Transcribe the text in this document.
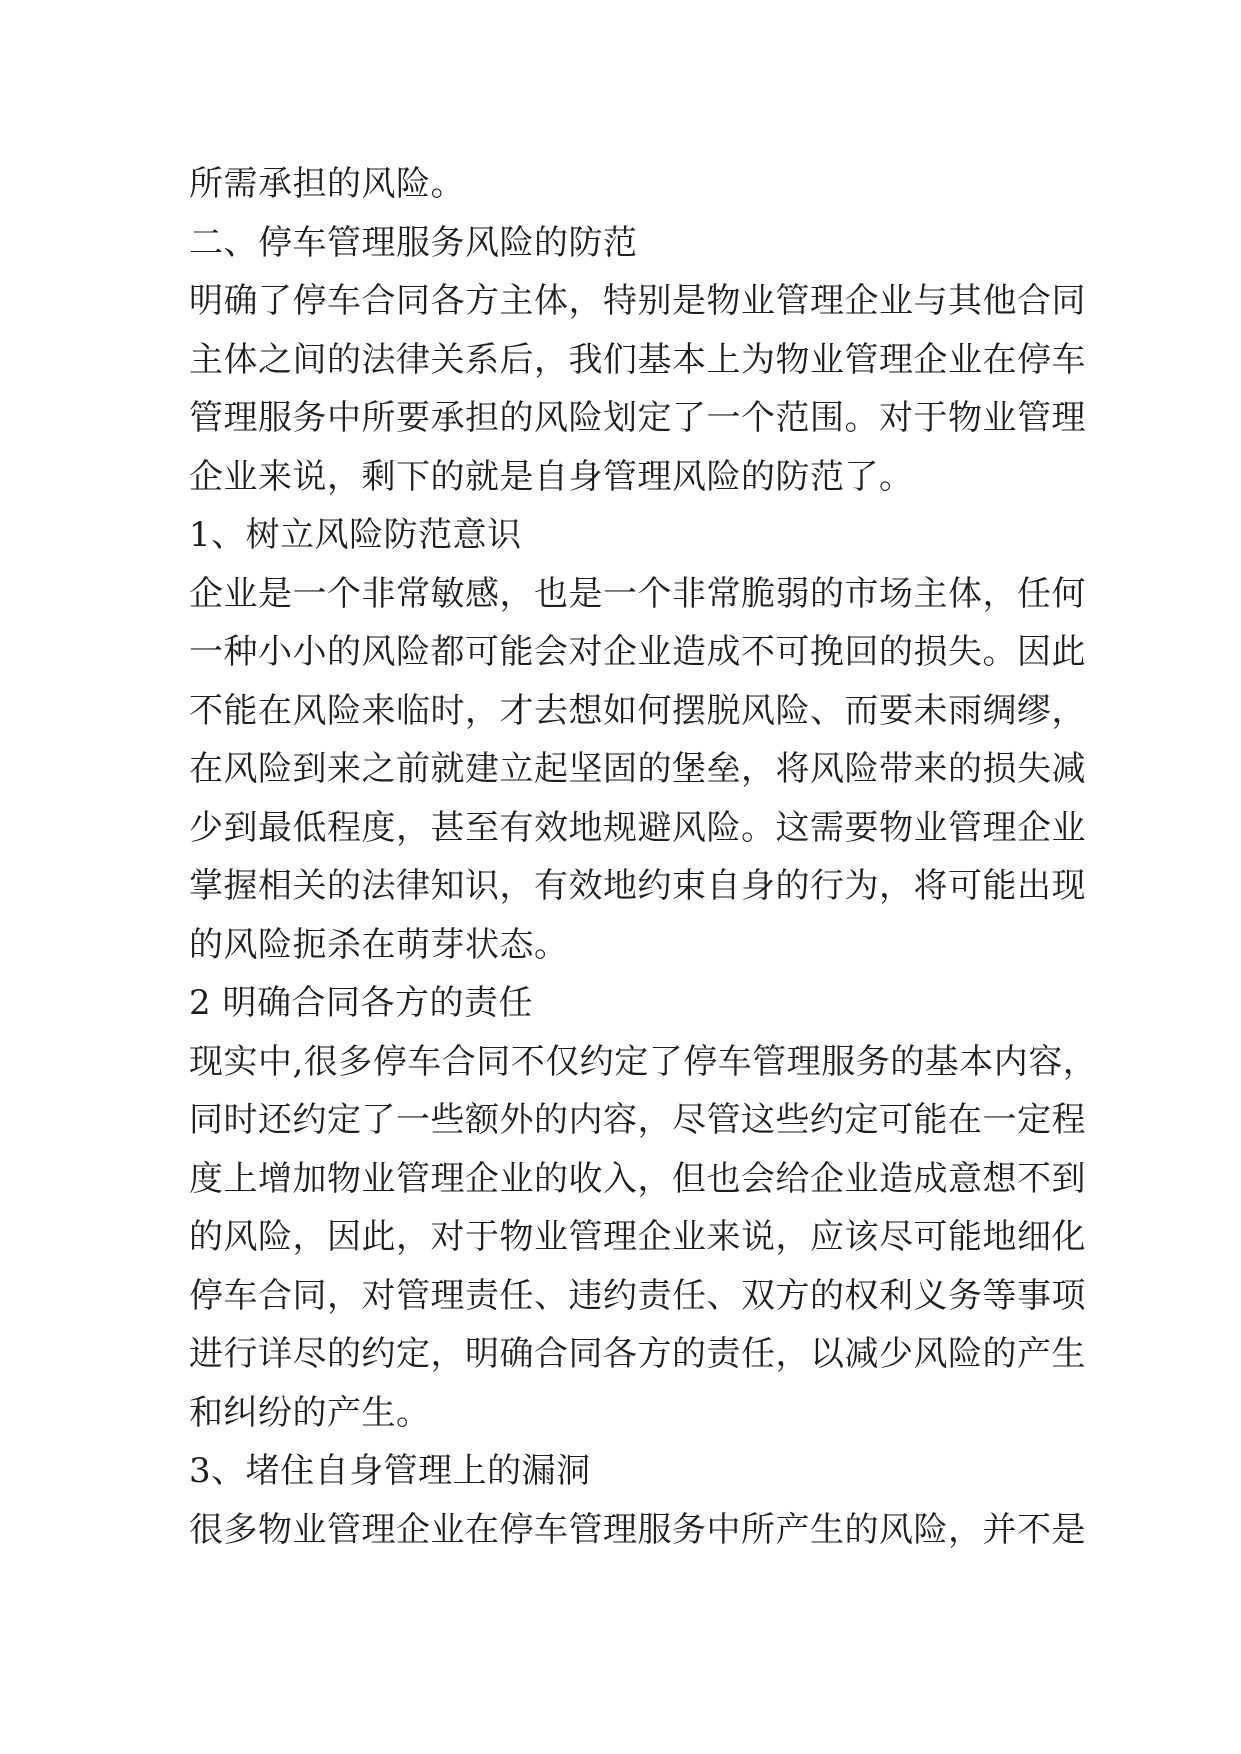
所需承担的风险。
二、停车管理服务风险的防范
明确了停车合同各方主体，特别是物业管理企业与其他合同
主体之间的法律关系后，我们基本上为物业管理企业在停车
管理服务中所要承担的风险划定了一个范围。对于物业管理
企业来说，剩下的就是自身管理风险的防范了。
1、树立风险防范意识
企业是一个非常敏感，也是一个非常脆弱的市场主体，任何
一种小小的风险都可能会对企业造成不可挽回的损失。因此
不能在风险来临时，才去想如何摆脱风险、而要未雨绸缪，
在风险到来之前就建立起坚固的堡垒，将风险带来的损失减
少到最低程度，甚至有效地规避风险。这需要物业管理企业
掌握相关的法律知识，有效地约束自身的行为，将可能出现
的风险扼杀在萌芽状态。
2 明确合同各方的责任
现实中,很多停车合同不仅约定了停车管理服务的基本内容，
同时还约定了一些额外的内容，尽管这些约定可能在一定程
度上增加物业管理企业的收入，但也会给企业造成意想不到
的风险，因此，对于物业管理企业来说，应该尽可能地细化
停车合同，对管理责任、违约责任、双方的权利义务等事项
进行详尽的约定，明确合同各方的责任，以减少风险的产生
和纠纷的产生。
3、堵住自身管理上的漏洞
很多物业管理企业在停车管理服务中所产生的风险，并不是
